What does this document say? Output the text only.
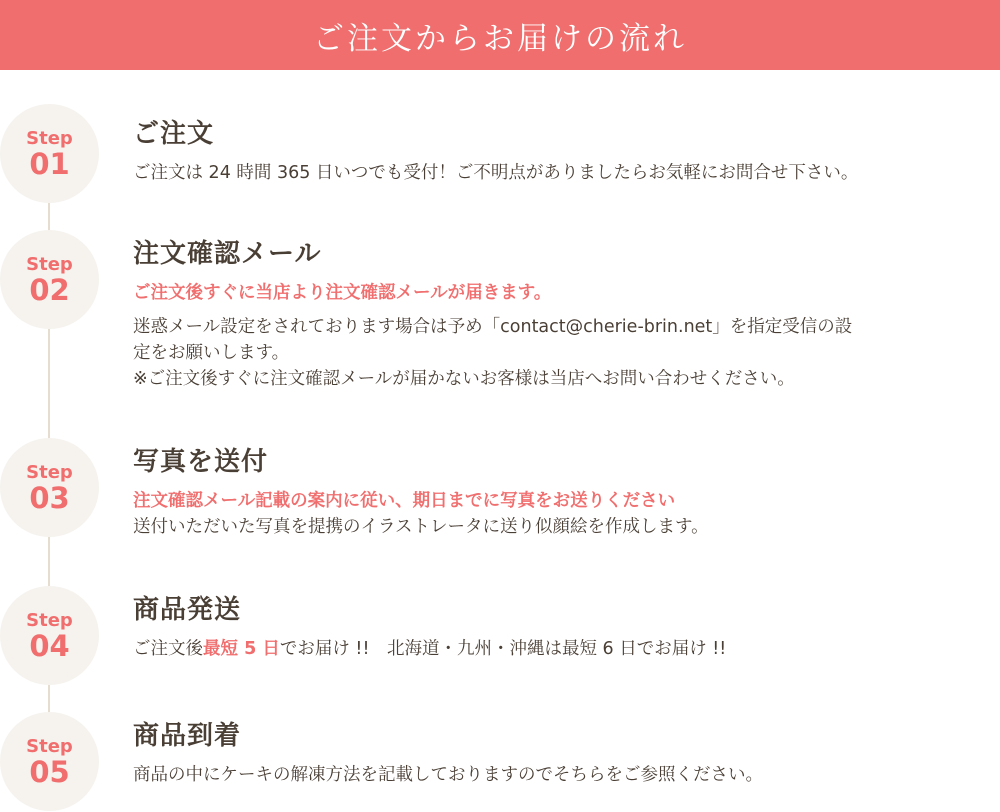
ご注文からお届けの流れ
Step
01
ご注文
ご注文は 24 時間 365 日いつでも受付！ご不明点がありましたらお気軽にお問合せ下さい。
Step
02
注文確認メール
ご注文後すぐに当店より注文確認メールが届きます。
迷惑メール設定をされております場合は予め「contact@cherie-brin.net」を指定受信の設
定をお願いします。
※ご注文後すぐに注文確認メールが届かないお客様は当店へお問い合わせください。
Step
03
写真を送付
注文確認メール記載の案内に従い、期日までに写真をお送りください
送付いただいた写真を提携のイラストレータに送り似顔絵を作成します。
Step
04
商品発送
ご注文後最短 5 日でお届け !!　北海道・九州・沖縄は最短 6 日でお届け !!
Step
05
商品到着
商品の中にケーキの解凍方法を記載しておりますのでそちらをご参照ください。
